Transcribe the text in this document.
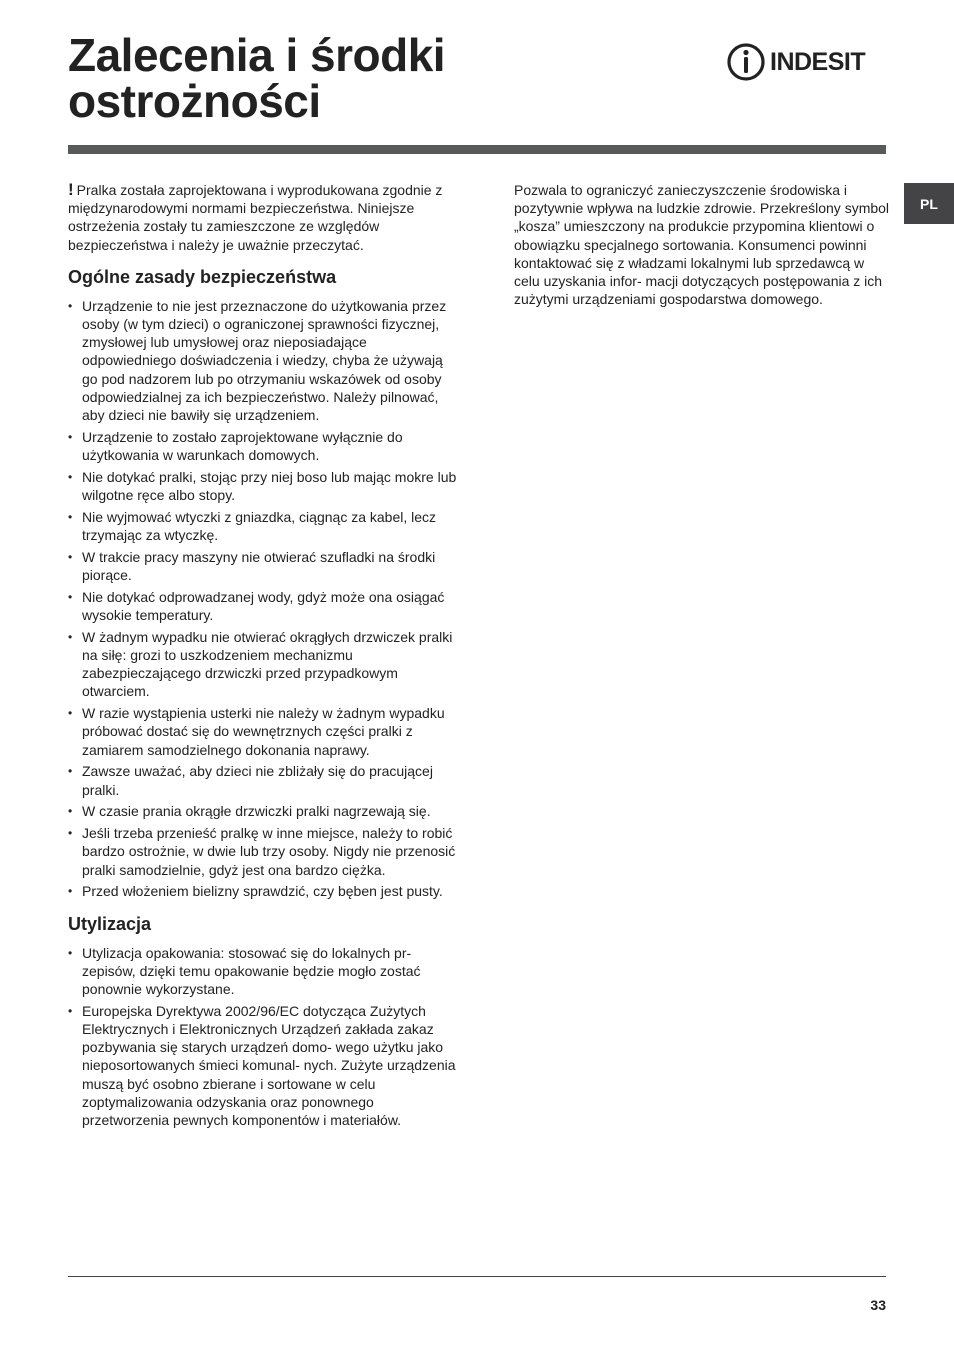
Zalecenia i środki
ostrożności
INDESIT
PL

! Pralka została zaprojektowana i wyprodukowana zgodnie z międzynarodowymi normami bezpieczeństwa. Niniejsze ostrzeżenia zostały tu zamieszczone ze względów bezpieczeństwa i należy je uważnie przeczytać.

Ogólne zasady bezpieczeństwa
• Urządzenie to nie jest przeznaczone do użytkowania przez osoby (w tym dzieci) o ograniczonej sprawności fizycznej, zmysłowej lub umysłowej oraz nieposiadające odpowiedniego doświadczenia i wiedzy, chyba że używają go pod nadzorem lub po otrzymaniu wskazówek od osoby odpowiedzialnej za ich bezpieczeństwo. Należy pilnować, aby dzieci nie bawiły się urządzeniem.
• Urządzenie to zostało zaprojektowane wyłącznie do użytkowania w warunkach domowych.
• Nie dotykać pralki, stojąc przy niej boso lub mając mokre lub wilgotne ręce albo stopy.
• Nie wyjmować wtyczki z gniazdka, ciągnąc za kabel, lecz trzymając za wtyczkę.
• W trakcie pracy maszyny nie otwierać szufladki na środki piorące.
• Nie dotykać odprowadzanej wody, gdyż może ona osiągać wysokie temperatury.
• W żadnym wypadku nie otwierać okrągłych drzwiczek pralki na siłę: grozi to uszkodzeniem mechanizmu zabezpieczającego drzwiczki przed przypadkowym otwarciem.
• W razie wystąpienia usterki nie należy w żadnym wypadku próbować dostać się do wewnętrznych części pralki z zamiarem samodzielnego dokonania naprawy.
• Zawsze uważać, aby dzieci nie zbliżały się do pracującej pralki.
• W czasie prania okrągłe drzwiczki pralki nagrzewają się.
• Jeśli trzeba przenieść pralkę w inne miejsce, należy to robić bardzo ostrożnie, w dwie lub trzy osoby. Nigdy nie przenosić pralki samodzielnie, gdyż jest ona bardzo ciężka.
• Przed włożeniem bielizny sprawdzić, czy bęben jest pusty.
Utylizacja
• Utylizacja opakowania: stosować się do lokalnych pr- zepisów, dzięki temu opakowanie będzie mogło zostać ponownie wykorzystane.
• Europejska Dyrektywa 2002/96/EC dotycząca Zużytych Elektrycznych i Elektronicznych Urządzeń zakłada zakaz pozbywania się starych urządzeń domo- wego użytku jako nieposortowanych śmieci komunal- nych. Zużyte urządzenia muszą być osobno zbierane i sortowane w celu zoptymalizowania odzyskania oraz ponownego przetworzenia pewnych komponentów i materiałów.

Pozwala to ograniczyć zanieczyszczenie środowiska i pozytywnie wpływa na ludzkie zdrowie. Przekreślony symbol „kosza” umieszczony na produkcie przypomina klientowi o obowiązku specjalnego sortowania. Konsumenci powinni kontaktować się z władzami lokalnymi lub sprzedawcą w celu uzyskania infor- macji dotyczących postępowania z ich zużytymi urządzeniami gospodarstwa domowego.

33
